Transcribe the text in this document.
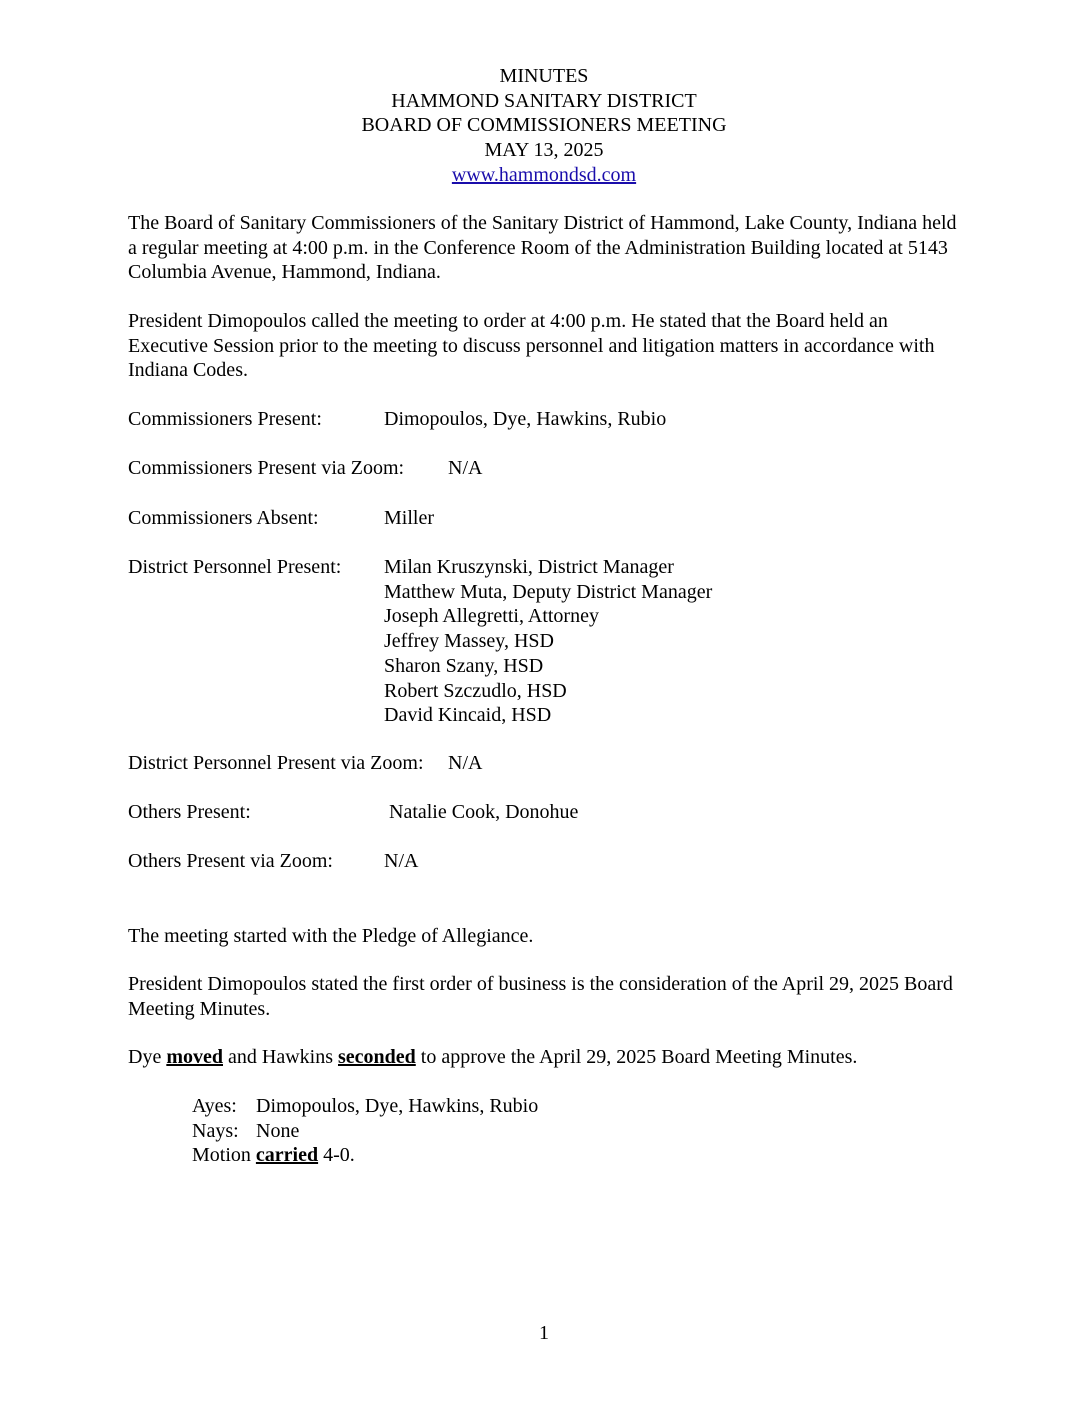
MINUTES
HAMMOND SANITARY DISTRICT
BOARD OF COMMISSIONERS MEETING
MAY 13, 2025
www.hammondsd.com

The Board of Sanitary Commissioners of the Sanitary District of Hammond, Lake County, Indiana held a regular meeting at 4:00 p.m. in the Conference Room of the Administration Building located at 5143 Columbia Avenue, Hammond, Indiana.

President Dimopoulos called the meeting to order at 4:00 p.m. He stated that the Board held an Executive Session prior to the meeting to discuss personnel and litigation matters in accordance with Indiana Codes.

Commissioners Present:	Dimopoulos, Dye, Hawkins, Rubio
Commissioners Present via Zoom: N/A
Commissioners Absent:	Miller
District Personnel Present: Milan Kruszynski, District Manager
Matthew Muta, Deputy District Manager
Joseph Allegretti, Attorney
Jeffrey Massey, HSD
Sharon Szany, HSD
Robert Szczudlo, HSD
David Kincaid, HSD
District Personnel Present via Zoom: N/A
Others Present:	Natalie Cook, Donohue
Others Present via Zoom:	N/A

The meeting started with the Pledge of Allegiance.

President Dimopoulos stated the first order of business is the consideration of the April 29, 2025 Board Meeting Minutes.

Dye moved and Hawkins seconded to approve the April 29, 2025 Board Meeting Minutes.

Ayes: Dimopoulos, Dye, Hawkins, Rubio
Nays: None
Motion carried 4-0.
1
